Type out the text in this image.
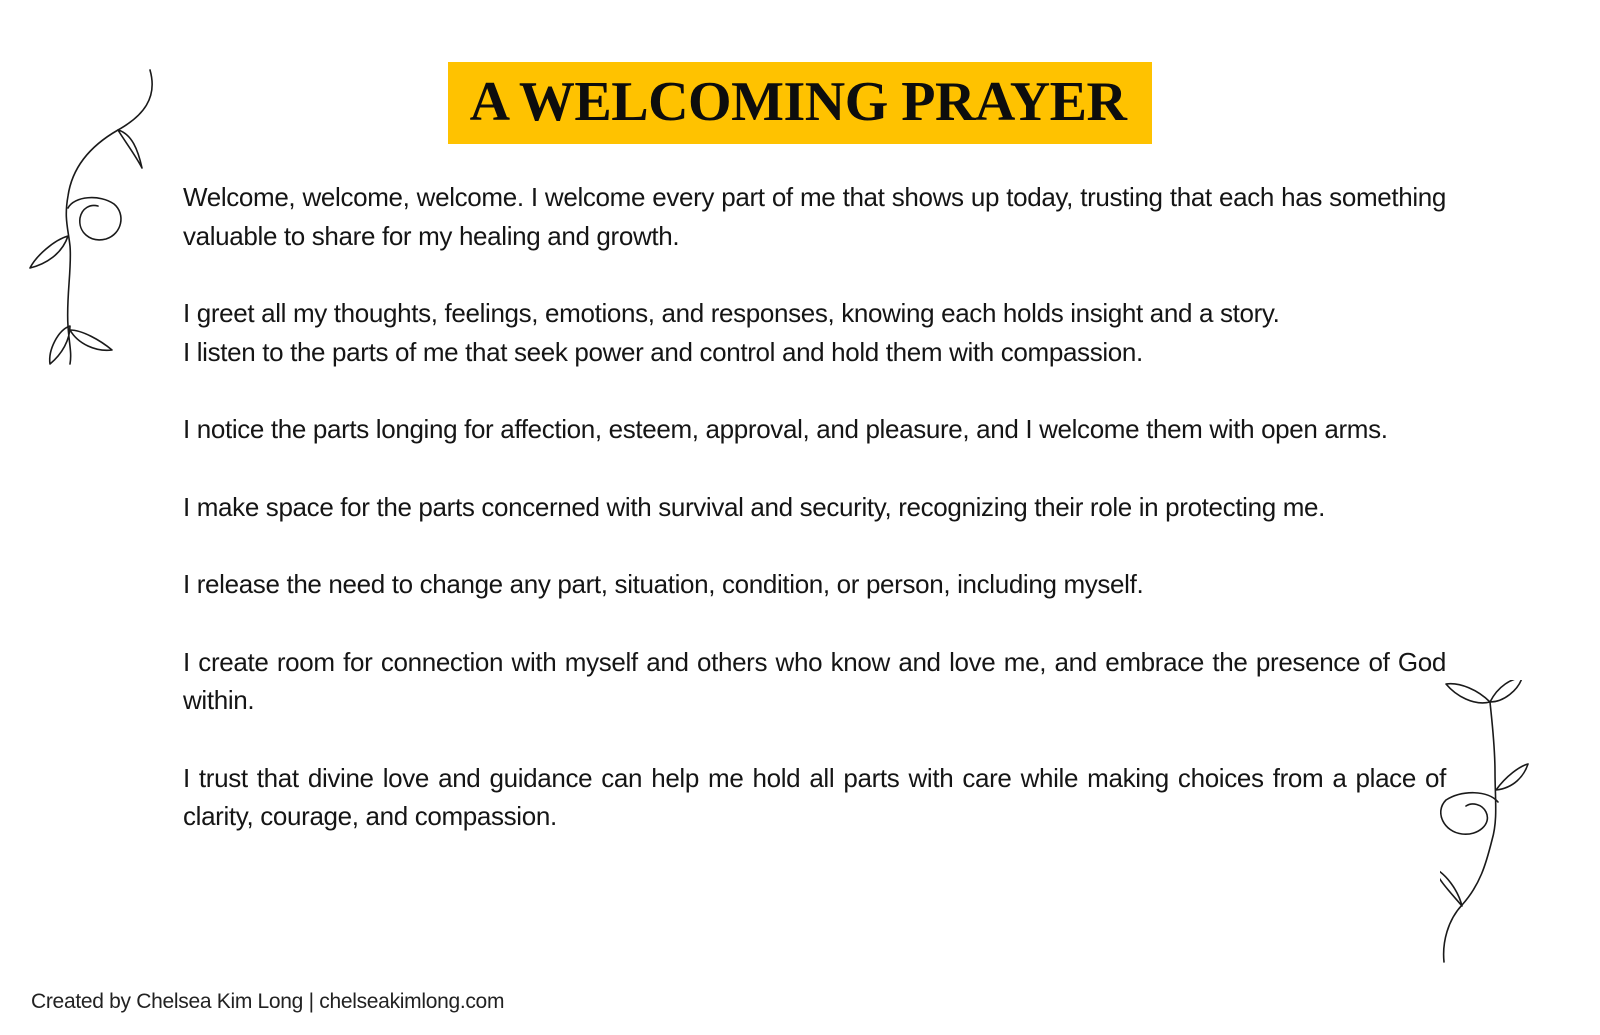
A WELCOMING PRAYER

Welcome, welcome, welcome. I welcome every part of me that shows up today, trusting that each has something valuable to share for my healing and growth.

I greet all my thoughts, feelings, emotions, and responses, knowing each holds insight and a story.
I listen to the parts of me that seek power and control and hold them with compassion.

I notice the parts longing for affection, esteem, approval, and pleasure, and I welcome them with open arms.

I make space for the parts concerned with survival and security, recognizing their role in protecting me.

I release the need to change any part, situation, condition, or person, including myself.

I create room for connection with myself and others who know and love me, and embrace the presence of God within.

I trust that divine love and guidance can help me hold all parts with care while making choices from a place of clarity, courage, and compassion.

Created by Chelsea Kim Long | chelseakimlong.com
